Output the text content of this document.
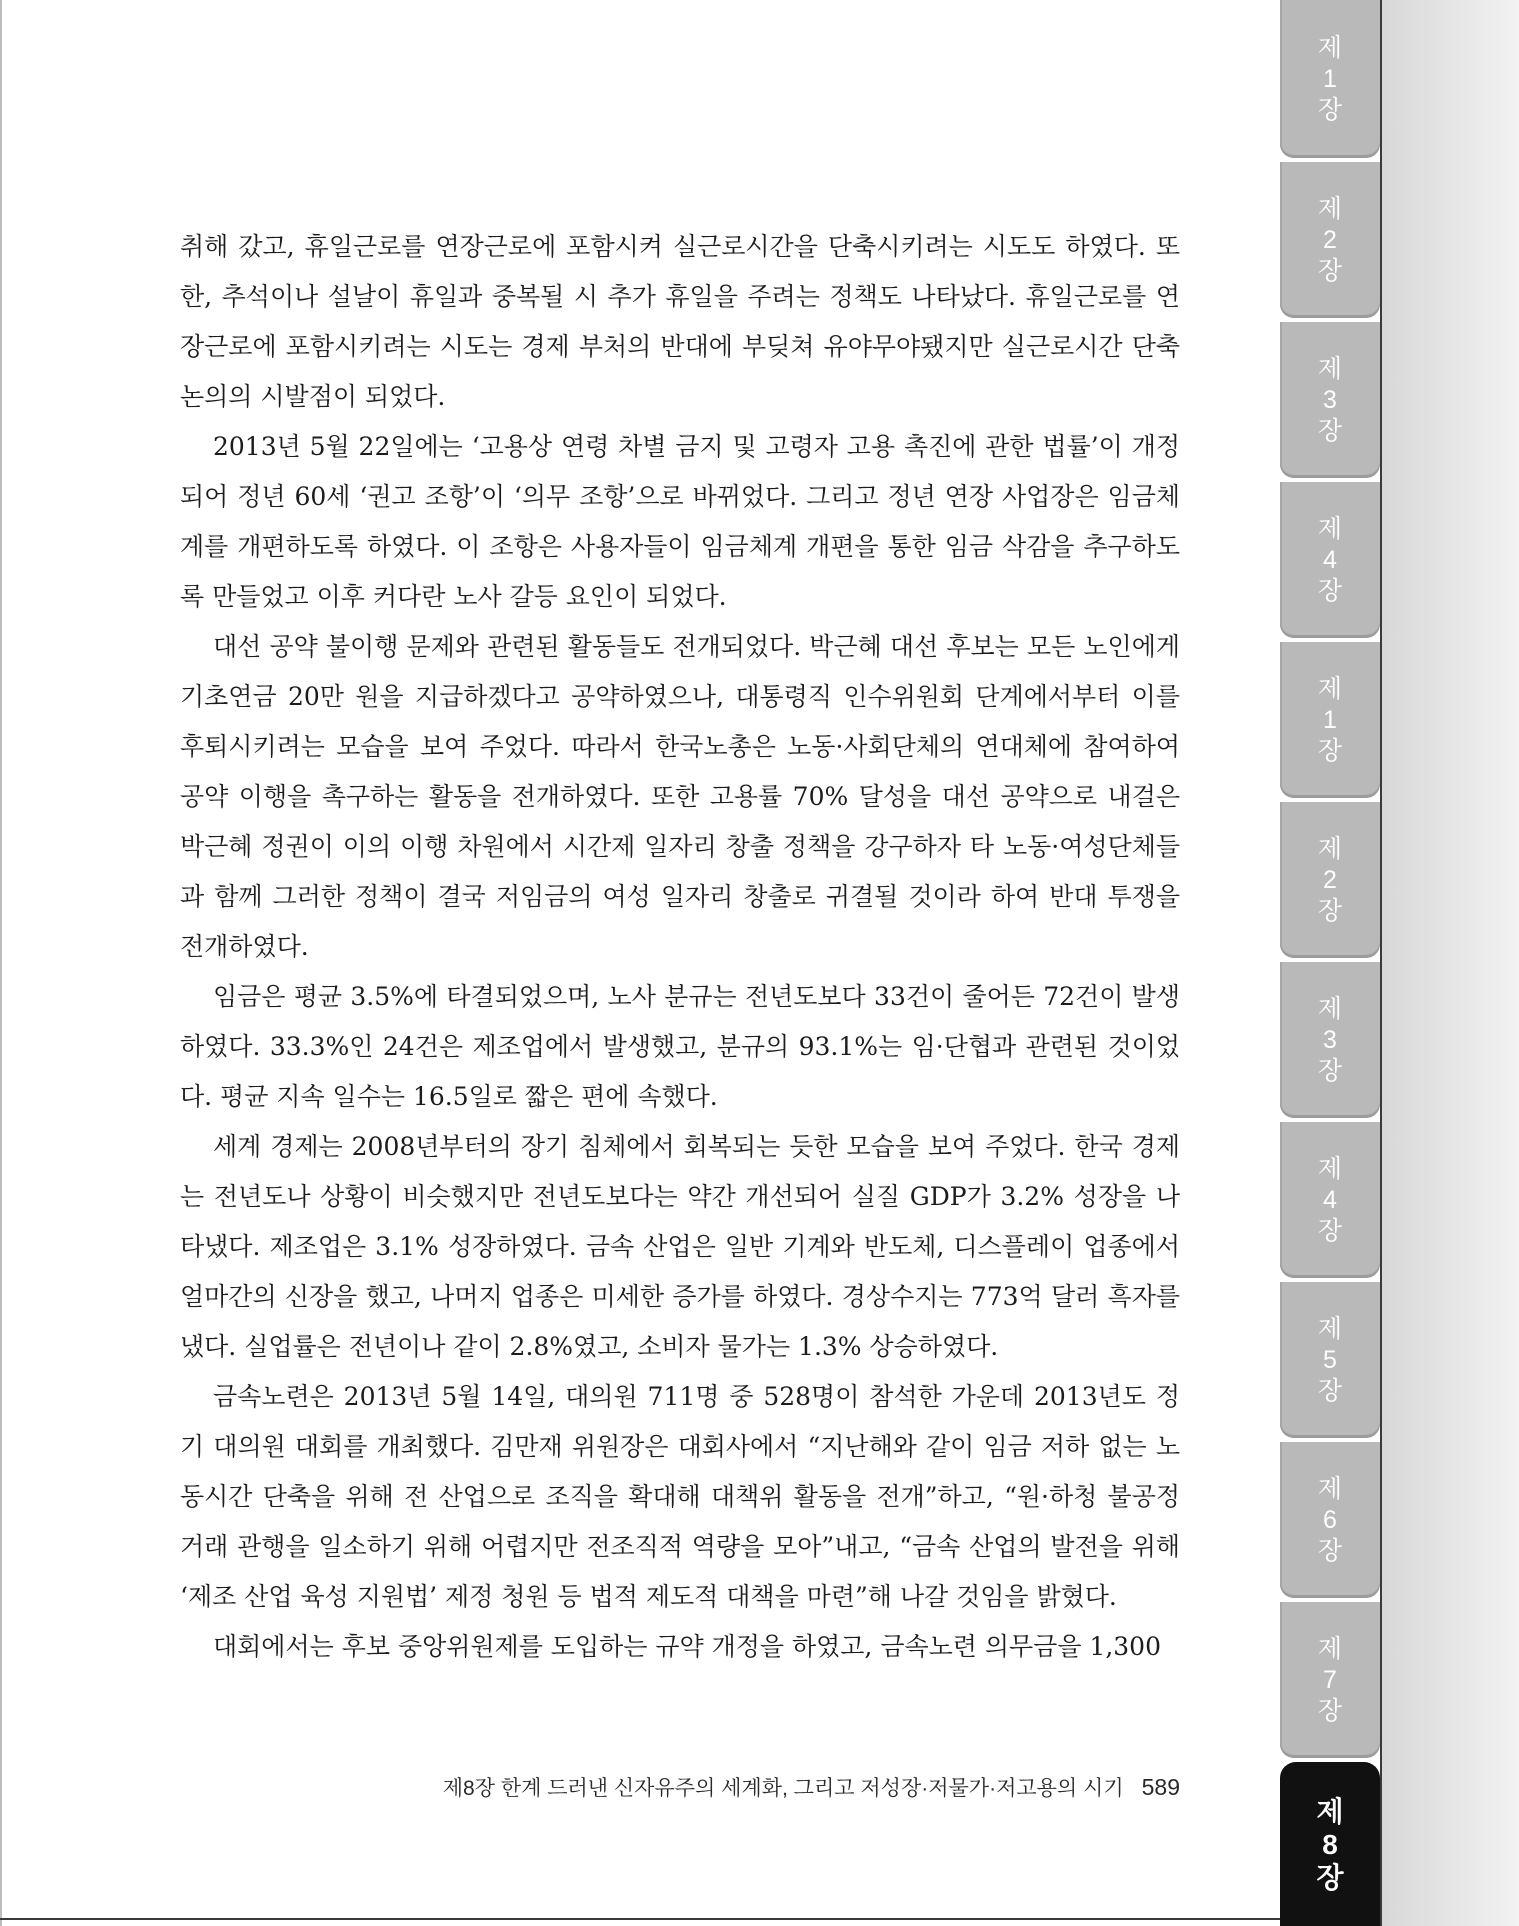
취해 갔고, 휴일근로를 연장근로에 포함시켜 실근로시간을 단축시키려는 시도도 하였다. 또한, 추석이나 설날이 휴일과 중복될 시 추가 휴일을 주려는 정책도 나타났다. 휴일근로를 연장근로에 포함시키려는 시도는 경제 부처의 반대에 부딪쳐 유야무야됐지만 실근로시간 단축 논의의 시발점이 되었다.

2013년 5월 22일에는 ‘고용상 연령 차별 금지 및 고령자 고용 촉진에 관한 법률’이 개정되어 정년 60세 ‘권고 조항’이 ‘의무 조항’으로 바뀌었다. 그리고 정년 연장 사업장은 임금체계를 개편하도록 하였다. 이 조항은 사용자들이 임금체계 개편을 통한 임금 삭감을 추구하도록 만들었고 이후 커다란 노사 갈등 요인이 되었다.

대선 공약 불이행 문제와 관련된 활동들도 전개되었다. 박근혜 대선 후보는 모든 노인에게 기초연금 20만 원을 지급하겠다고 공약하였으나, 대통령직 인수위원회 단계에서부터 이를 후퇴시키려는 모습을 보여 주었다. 따라서 한국노총은 노동·사회단체의 연대체에 참여하여 공약 이행을 촉구하는 활동을 전개하였다. 또한 고용률 70% 달성을 대선 공약으로 내걸은 박근혜 정권이 이의 이행 차원에서 시간제 일자리 창출 정책을 강구하자 타 노동·여성단체들과 함께 그러한 정책이 결국 저임금의 여성 일자리 창출로 귀결될 것이라 하여 반대 투쟁을 전개하였다.

임금은 평균 3.5%에 타결되었으며, 노사 분규는 전년도보다 33건이 줄어든 72건이 발생하였다. 33.3%인 24건은 제조업에서 발생했고, 분규의 93.1%는 임·단협과 관련된 것이었다. 평균 지속 일수는 16.5일로 짧은 편에 속했다.

세계 경제는 2008년부터의 장기 침체에서 회복되는 듯한 모습을 보여 주었다. 한국 경제는 전년도나 상황이 비슷했지만 전년도보다는 약간 개선되어 실질 GDP가 3.2% 성장을 나타냈다. 제조업은 3.1% 성장하였다. 금속 산업은 일반 기계와 반도체, 디스플레이 업종에서 얼마간의 신장을 했고, 나머지 업종은 미세한 증가를 하였다. 경상수지는 773억 달러 흑자를 냈다. 실업률은 전년이나 같이 2.8%였고, 소비자 물가는 1.3% 상승하였다.

금속노련은 2013년 5월 14일, 대의원 711명 중 528명이 참석한 가운데 2013년도 정기 대의원 대회를 개최했다. 김만재 위원장은 대회사에서 “지난해와 같이 임금 저하 없는 노동시간 단축을 위해 전 산업으로 조직을 확대해 대책위 활동을 전개”하고, “원·하청 불공정 거래 관행을 일소하기 위해 어렵지만 전조직적 역량을 모아”내고, “금속 산업의 발전을 위해 ‘제조 산업 육성 지원법’ 제정 청원 등 법적 제도적 대책을 마련”해 나갈 것임을 밝혔다.

대회에서는 후보 중앙위원제를 도입하는 규약 개정을 하였고, 금속노련 의무금을 1,300

제8장 한계 드러낸 신자유주의 세계화, 그리고 저성장·저물가·저고용의 시기 589
제
1
장
제
2
장
제
3
장
제
4
장
제
1
장
제
2
장
제
3
장
제
4
장
제
5
장
제
6
장
제
7
장
제
8
장
